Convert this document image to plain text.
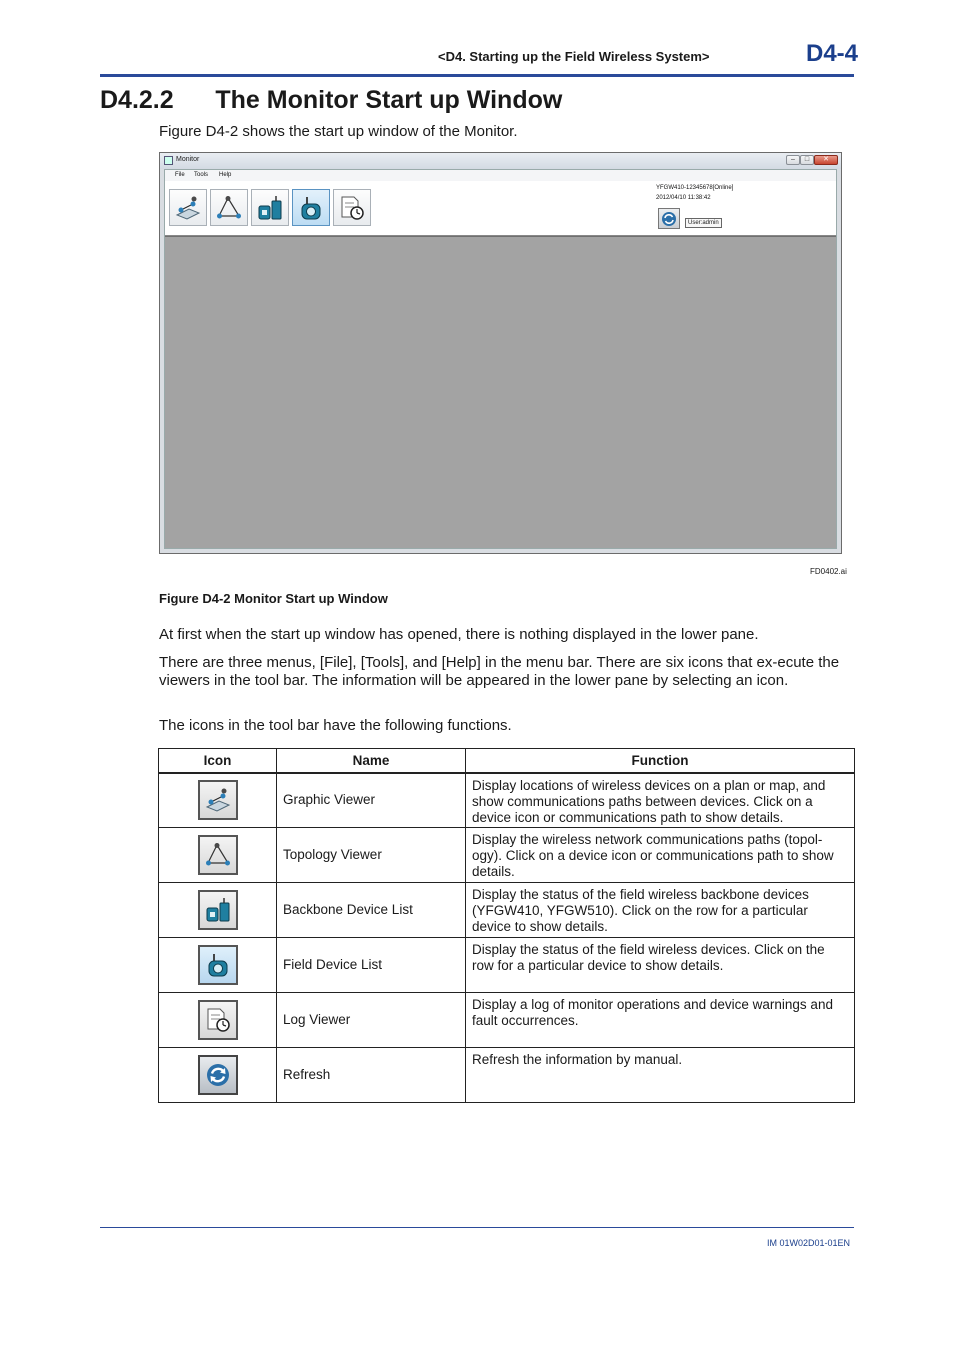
<D4. Starting up the Field Wireless System>	D4-4
D4.2.2 The Monitor Start up Window
Figure D4-2 shows the start up window of the Monitor.
Monitor	–	□	✕
File Tools Help
YFGW410-12345678[Online]
2012/04/10 11:38:42
User:admin
FD0402.ai
Figure D4-2 Monitor Start up Window
At first when the start up window has opened, there is nothing displayed in the lower pane.
There are three menus, [File], [Tools], and [Help] in the menu bar. There are six icons that ex-ecute the viewers in the tool bar. The information will be appeared in the lower pane by selecting an icon.
The icons in the tool bar have the following functions.
Icon	Name	Function

	Graphic Viewer	Display locations of wireless devices on a plan or map, and show communications paths between devices. Click on a device icon or communications path to show details.

	Topology Viewer	Display the wireless network communications paths (topol-ogy). Click on a device icon or communications path to show details.

	Backbone Device List	Display the status of the field wireless backbone devices (YFGW410, YFGW510). Click on the row for a particular device to show details.

	Field Device List	Display the status of the field wireless devices. Click on the row for a particular device to show details.

	Log Viewer	Display a log of monitor operations and device warnings and fault occurrences.

	Refresh	Refresh the information by manual.
IM 01W02D01-01EN
